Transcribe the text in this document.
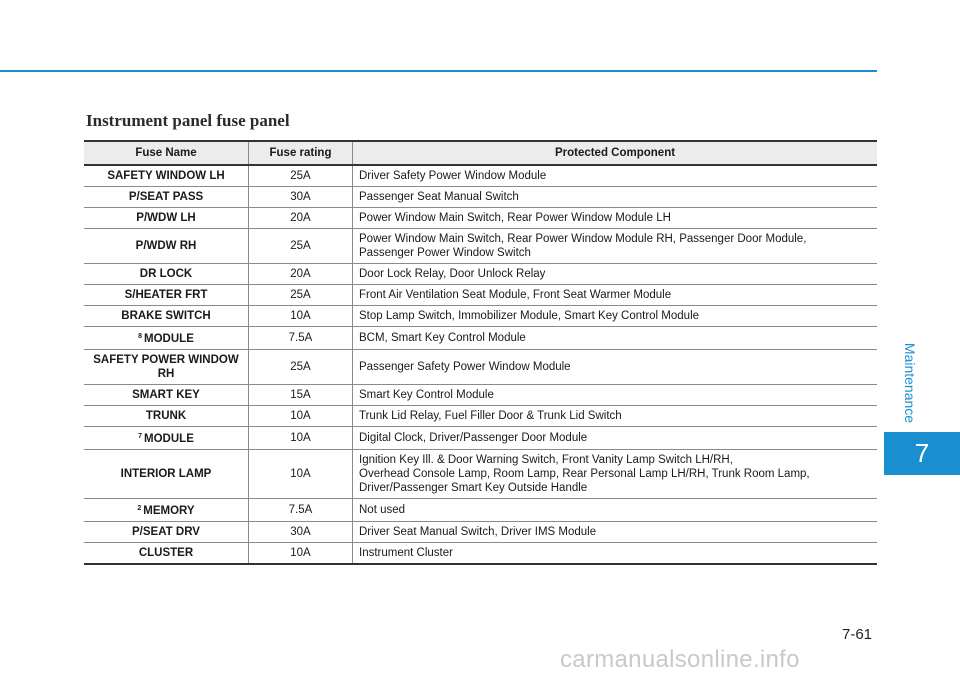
Instrument panel fuse panel
Fuse Name	Fuse rating	Protected Component
SAFETY WINDOW LH	25A	Driver Safety Power Window Module

P/SEAT PASS	30A	Passenger Seat Manual Switch

P/WDW LH	20A	Power Window Main Switch, Rear Power Window Module LH

P/WDW RH	25A	Power Window Main Switch, Rear Power Window Module RH, Passenger Door Module,
Passenger Power Window Switch

DR LOCK	20A	Door Lock Relay, Door Unlock Relay

S/HEATER FRT	25A	Front Air Ventilation Seat Module, Front Seat Warmer Module

BRAKE SWITCH	10A	Stop Lamp Switch, Immobilizer Module, Smart Key Control Module

$^8$ MODULE	7.5A	BCM, Smart Key Control Module

SAFETY POWER WINDOW RH	25A	Passenger Safety Power Window Module

SMART KEY	15A	Smart Key Control Module

TRUNK	10A	Trunk Lid Relay, Fuel Filler Door & Trunk Lid Switch

$^7$ MODULE	10A	Digital Clock, Driver/Passenger Door Module

INTERIOR LAMP	10A	Ignition Key Ill. & Door Warning Switch, Front Vanity Lamp Switch LH/RH,
Overhead Console Lamp, Room Lamp, Rear Personal Lamp LH/RH, Trunk Room Lamp,
Driver/Passenger Smart Key Outside Handle

$^2$ MEMORY	7.5A	Not used

P/SEAT DRV	30A	Driver Seat Manual Switch, Driver IMS Module

CLUSTER	10A	Instrument Cluster
7-61
Maintenance
7
carmanualsonline.info
